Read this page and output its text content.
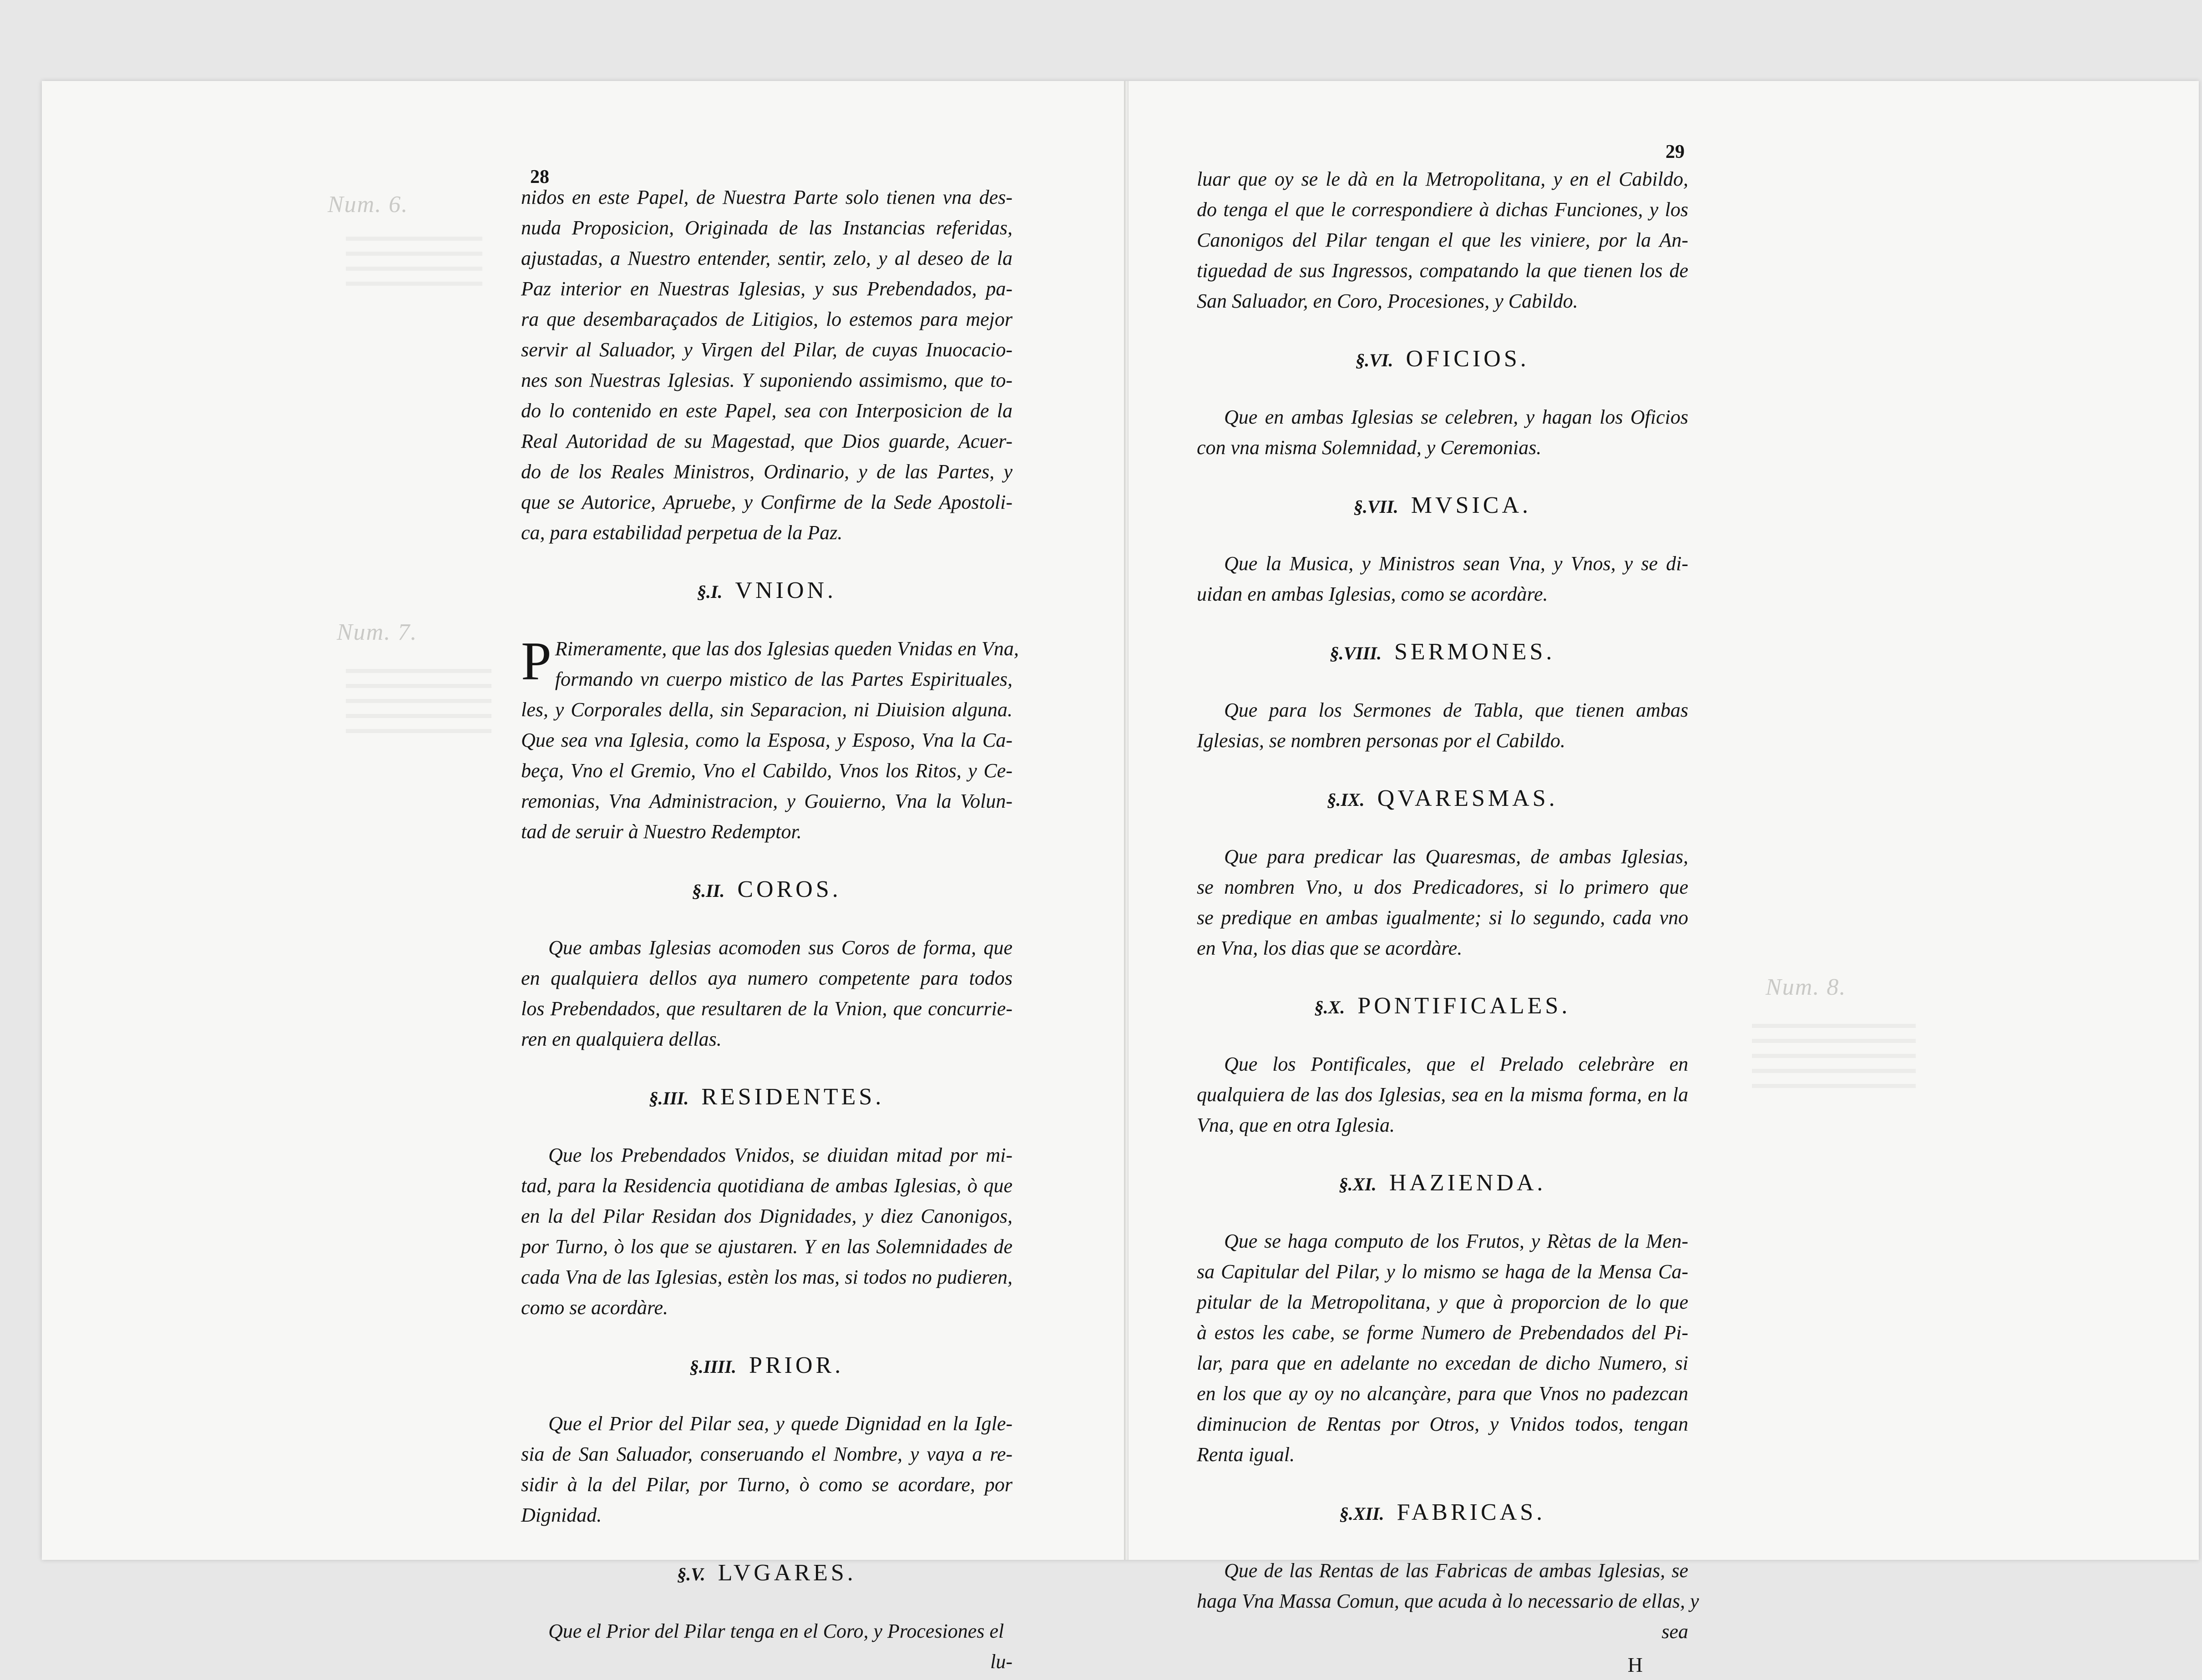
Num. 6.
Num. 7.
Num. 8.
28
nidos en este Papel, de Nuestra Parte solo tienen vna des-
nuda Proposicion, Originada de las Instancias referidas,
ajustadas, a Nuestro entender, sentir, zelo, y al deseo de la
Paz interior en Nuestras Iglesias, y sus Prebendados, pa-
ra que desembaraçados de Litigios, lo estemos para mejor
servir al Saluador, y Virgen del Pilar, de cuyas Inuocacio-
nes son Nuestras Iglesias. Y suponiendo assimismo, que to-
do lo contenido en este Papel, sea con Interposicion de la
Real Autoridad de su Magestad, que Dios guarde, Acuer-
do de los Reales Ministros, Ordinario, y de las Partes, y
que se Autorice, Apruebe, y Confirme de la Sede Apostoli-
ca, para estabilidad perpetua de la Paz.
§.I. VNION.
P Rimeramente, que las dos Iglesias queden Vnidas en Vna,
formando vn cuerpo mistico de las Partes Espirituales,
les, y Corporales della, sin Separacion, ni Diuision alguna.
Que sea vna Iglesia, como la Esposa, y Esposo, Vna la Ca-
beça, Vno el Gremio, Vno el Cabildo, Vnos los Ritos, y Ce-
remonias, Vna Administracion, y Gouierno, Vna la Volun-
tad de seruir à Nuestro Redemptor.
§.II. COROS.
Que ambas Iglesias acomoden sus Coros de forma, que
en qualquiera dellos aya numero competente para todos
los Prebendados, que resultaren de la Vnion, que concurrie-
ren en qualquiera dellas.
§.III. RESIDENTES.
Que los Prebendados Vnidos, se diuidan mitad por mi-
tad, para la Residencia quotidiana de ambas Iglesias, ò que
en la del Pilar Residan dos Dignidades, y diez Canonigos,
por Turno, ò los que se ajustaren. Y en las Solemnidades de
cada Vna de las Iglesias, estèn los mas, si todos no pudieren,
como se acordàre.
§.IIII. PRIOR.
Que el Prior del Pilar sea, y quede Dignidad en la Igle-
sia de San Saluador, conseruando el Nombre, y vaya a re-
sidir à la del Pilar, por Turno, ò como se acordare, por
Dignidad.
§.V. LVGARES.
Que el Prior del Pilar tenga en el Coro, y Procesiones el
lu-
29
luar que oy se le dà en la Metropolitana, y en el Cabildo,
do tenga el que le correspondiere à dichas Funciones, y los
Canonigos del Pilar tengan el que les viniere, por la An-
tiguedad de sus Ingressos, compatando la que tienen los de
San Saluador, en Coro, Procesiones, y Cabildo.
§.VI. OFICIOS.
Que en ambas Iglesias se celebren, y hagan los Oficios
con vna misma Solemnidad, y Ceremonias.
§.VII. MVSICA.
Que la Musica, y Ministros sean Vna, y Vnos, y se di-
uidan en ambas Iglesias, como se acordàre.
§.VIII. SERMONES.
Que para los Sermones de Tabla, que tienen ambas
Iglesias, se nombren personas por el Cabildo.
§.IX. QVARESMAS.
Que para predicar las Quaresmas, de ambas Iglesias,
se nombren Vno, u dos Predicadores, si lo primero que
se predique en ambas igualmente; si lo segundo, cada vno
en Vna, los dias que se acordàre.
§.X. PONTIFICALES.
Que los Pontificales, que el Prelado celebràre en
qualquiera de las dos Iglesias, sea en la misma forma, en la
Vna, que en otra Iglesia.
§.XI. HAZIENDA.
Que se haga computo de los Frutos, y Rètas de la Men-
sa Capitular del Pilar, y lo mismo se haga de la Mensa Ca-
pitular de la Metropolitana, y que à proporcion de lo que
à estos les cabe, se forme Numero de Prebendados del Pi-
lar, para que en adelante no excedan de dicho Numero, si
en los que ay oy no alcançàre, para que Vnos no padezcan
diminucion de Rentas por Otros, y Vnidos todos, tengan
Renta igual.
§.XII. FABRICAS.
Que de las Rentas de las Fabricas de ambas Iglesias, se
haga Vna Massa Comun, que acuda à lo necessario de ellas, y
sea
H
